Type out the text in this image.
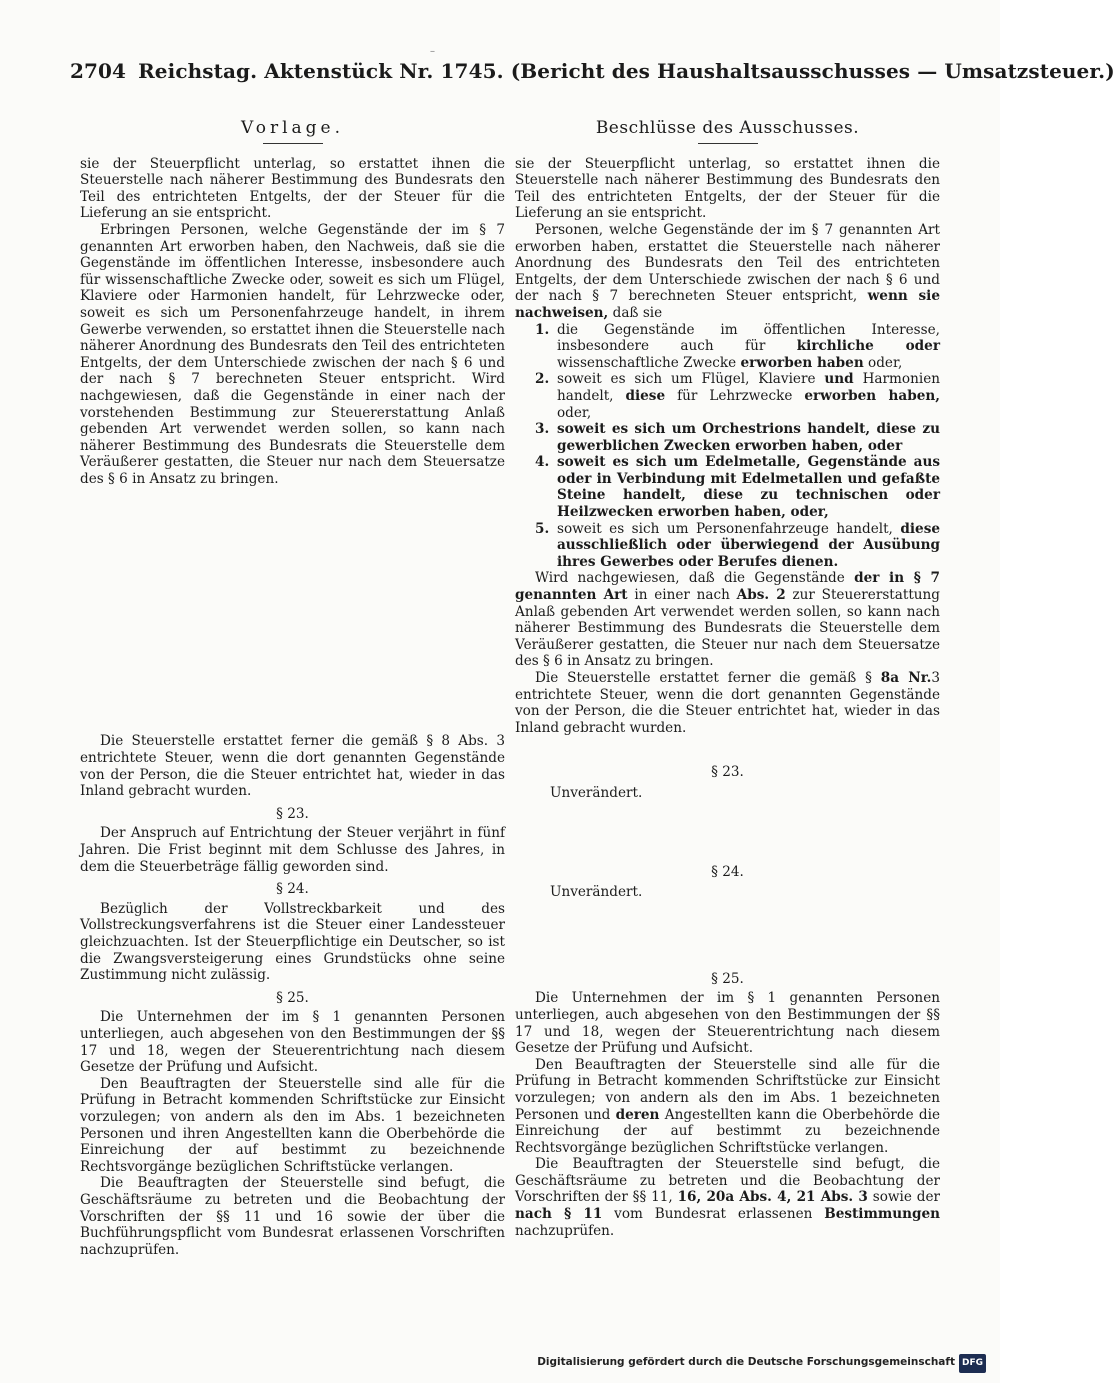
–
2704 Reichstag. Aktenstück Nr. 1745. (Bericht des Haushaltsausschusses — Umsatzsteuer.)
Vorlage.

sie der Steuerpflicht unterlag, so erstattet ihnen die Steuerstelle nach näherer Bestimmung des Bundesrats den Teil des entrichteten Entgelts, der der Steuer für die Lieferung an sie entspricht.

Erbringen Personen, welche Gegenstände der im § 7 genannten Art erworben haben, den Nachweis, daß sie die Gegenstände im öffentlichen Interesse, insbesondere auch für wissenschaftliche Zwecke oder, soweit es sich um Flügel, Klaviere oder Harmonien handelt, für Lehrzwecke oder, soweit es sich um Personenfahrzeuge handelt, in ihrem Gewerbe verwenden, so erstattet ihnen die Steuerstelle nach näherer Anordnung des Bundesrats den Teil des entrichteten Entgelts, der dem Unterschiede zwischen der nach § 6 und der nach § 7 berechneten Steuer entspricht. Wird nachgewiesen, daß die Gegenstände in einer nach der vorstehenden Bestimmung zur Steuererstattung Anlaß gebenden Art verwendet werden sollen, so kann nach näherer Bestimmung des Bundesrats die Steuerstelle dem Veräußerer gestatten, die Steuer nur nach dem Steuersatze des § 6 in Ansatz zu bringen.

Die Steuerstelle erstattet ferner die gemäß § 8 Abs. 3 entrichtete Steuer, wenn die dort genannten Gegenstände von der Person, die die Steuer entrichtet hat, wieder in das Inland gebracht wurden.

§ 23.

Der Anspruch auf Entrichtung der Steuer verjährt in fünf Jahren. Die Frist beginnt mit dem Schlusse des Jahres, in dem die Steuerbeträge fällig geworden sind.

§ 24.

Bezüglich der Vollstreckbarkeit und des Vollstreckungsverfahrens ist die Steuer einer Landessteuer gleichzuachten. Ist der Steuerpflichtige ein Deutscher, so ist die Zwangsversteigerung eines Grundstücks ohne seine Zustimmung nicht zulässig.

§ 25.

Die Unternehmen der im § 1 genannten Personen unterliegen, auch abgesehen von den Bestimmungen der §§ 17 und 18, wegen der Steuerentrichtung nach diesem Gesetze der Prüfung und Aufsicht.

Den Beauftragten der Steuerstelle sind alle für die Prüfung in Betracht kommenden Schriftstücke zur Einsicht vorzulegen; von andern als den im Abs. 1 bezeichneten Personen und ihren Angestellten kann die Oberbehörde die Einreichung der auf bestimmt zu bezeichnende Rechtsvorgänge bezüglichen Schriftstücke verlangen.

Die Beauftragten der Steuerstelle sind befugt, die Geschäftsräume zu betreten und die Beobachtung der Vorschriften der §§ 11 und 16 sowie der über die Buchführungspflicht vom Bundesrat erlassenen Vorschriften nachzuprüfen.

Beschlüsse des Ausschusses.

sie der Steuerpflicht unterlag, so erstattet ihnen die Steuerstelle nach näherer Bestimmung des Bundesrats den Teil des entrichteten Entgelts, der der Steuer für die Lieferung an sie entspricht.

Personen, welche Gegenstände der im § 7 genannten Art erworben haben, erstattet die Steuerstelle nach näherer Anordnung des Bundesrats den Teil des entrichteten Entgelts, der dem Unterschiede zwischen der nach § 6 und der nach § 7 berechneten Steuer entspricht, wenn sie nachweisen, daß sie

1. die Gegenstände im öffentlichen Interesse, insbesondere auch für kirchliche oder wissenschaftliche Zwecke erworben haben oder,
2. soweit es sich um Flügel, Klaviere und Harmonien handelt, diese für Lehrzwecke erworben haben, oder,
3. soweit es sich um Orchestrions handelt, diese zu gewerblichen Zwecken erworben haben, oder
4. soweit es sich um Edelmetalle, Gegenstände aus oder in Verbindung mit Edelmetallen und gefaßte Steine handelt, diese zu technischen oder Heilzwecken erworben haben, oder,
5. soweit es sich um Personenfahrzeuge handelt, diese ausschließlich oder überwiegend der Ausübung ihres Gewerbes oder Berufes dienen.

Wird nachgewiesen, daß die Gegenstände der in § 7 genannten Art in einer nach Abs. 2 zur Steuererstattung Anlaß gebenden Art verwendet werden sollen, so kann nach näherer Bestimmung des Bundesrats die Steuerstelle dem Veräußerer gestatten, die Steuer nur nach dem Steuersatze des § 6 in Ansatz zu bringen.

Die Steuerstelle erstattet ferner die gemäß § 8a Nr.3 entrichtete Steuer, wenn die dort genannten Gegenstände von der Person, die die Steuer entrichtet hat, wieder in das Inland gebracht wurden.

§ 23.
Unverändert.
§ 24.
Unverändert.
§ 25.

Die Unternehmen der im § 1 genannten Personen unterliegen, auch abgesehen von den Bestimmungen der §§ 17 und 18, wegen der Steuerentrichtung nach diesem Gesetze der Prüfung und Aufsicht.

Den Beauftragten der Steuerstelle sind alle für die Prüfung in Betracht kommenden Schriftstücke zur Einsicht vorzulegen; von andern als den im Abs. 1 bezeichneten Personen und deren Angestellten kann die Oberbehörde die Einreichung der auf bestimmt zu bezeichnende Rechtsvorgänge bezüglichen Schriftstücke verlangen.

Die Beauftragten der Steuerstelle sind befugt, die Geschäftsräume zu betreten und die Beobachtung der Vorschriften der §§ 11, 16, 20a Abs. 4, 21 Abs. 3 sowie der nach § 11 vom Bundesrat erlassenen Bestimmungen nachzuprüfen.

Digitalisierung gefördert durch die Deutsche Forschungsgemeinschaft DFG
